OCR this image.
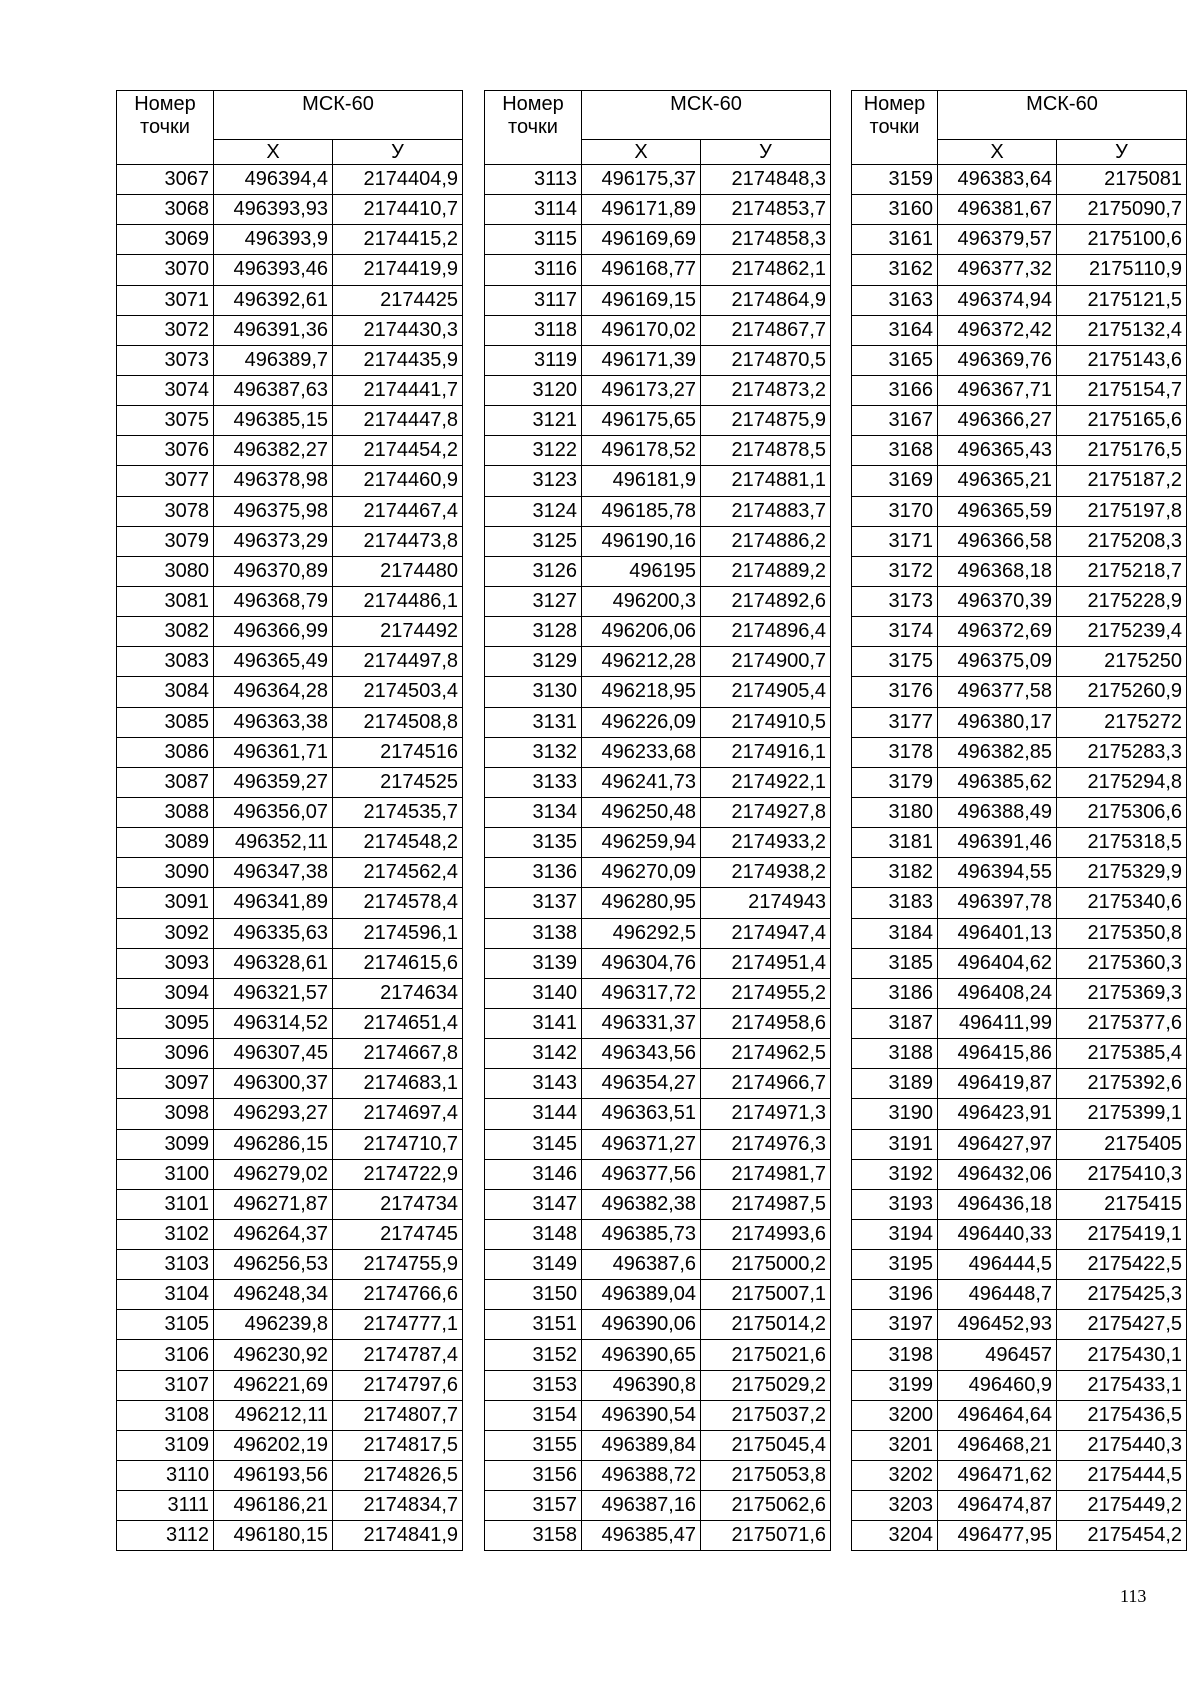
Номер точки	МСК-60	
	Х	У
3067	496394,4	2174404,9
3068	496393,93	2174410,7
3069	496393,9	2174415,2
3070	496393,46	2174419,9
3071	496392,61	2174425
3072	496391,36	2174430,3
3073	496389,7	2174435,9
3074	496387,63	2174441,7
3075	496385,15	2174447,8
3076	496382,27	2174454,2
3077	496378,98	2174460,9
3078	496375,98	2174467,4
3079	496373,29	2174473,8
3080	496370,89	2174480
3081	496368,79	2174486,1
3082	496366,99	2174492
3083	496365,49	2174497,8
3084	496364,28	2174503,4
3085	496363,38	2174508,8
3086	496361,71	2174516
3087	496359,27	2174525
3088	496356,07	2174535,7
3089	496352,11	2174548,2
3090	496347,38	2174562,4
3091	496341,89	2174578,4
3092	496335,63	2174596,1
3093	496328,61	2174615,6
3094	496321,57	2174634
3095	496314,52	2174651,4
3096	496307,45	2174667,8
3097	496300,37	2174683,1
3098	496293,27	2174697,4
3099	496286,15	2174710,7
3100	496279,02	2174722,9
3101	496271,87	2174734
3102	496264,37	2174745
3103	496256,53	2174755,9
3104	496248,34	2174766,6
3105	496239,8	2174777,1
3106	496230,92	2174787,4
3107	496221,69	2174797,6
3108	496212,11	2174807,7
3109	496202,19	2174817,5
3110	496193,56	2174826,5
3111	496186,21	2174834,7
3112	496180,15	2174841,9
Номер точки	МСК-60	
	Х	У
3113	496175,37	2174848,3
3114	496171,89	2174853,7
3115	496169,69	2174858,3
3116	496168,77	2174862,1
3117	496169,15	2174864,9
3118	496170,02	2174867,7
3119	496171,39	2174870,5
3120	496173,27	2174873,2
3121	496175,65	2174875,9
3122	496178,52	2174878,5
3123	496181,9	2174881,1
3124	496185,78	2174883,7
3125	496190,16	2174886,2
3126	496195	2174889,2
3127	496200,3	2174892,6
3128	496206,06	2174896,4
3129	496212,28	2174900,7
3130	496218,95	2174905,4
3131	496226,09	2174910,5
3132	496233,68	2174916,1
3133	496241,73	2174922,1
3134	496250,48	2174927,8
3135	496259,94	2174933,2
3136	496270,09	2174938,2
3137	496280,95	2174943
3138	496292,5	2174947,4
3139	496304,76	2174951,4
3140	496317,72	2174955,2
3141	496331,37	2174958,6
3142	496343,56	2174962,5
3143	496354,27	2174966,7
3144	496363,51	2174971,3
3145	496371,27	2174976,3
3146	496377,56	2174981,7
3147	496382,38	2174987,5
3148	496385,73	2174993,6
3149	496387,6	2175000,2
3150	496389,04	2175007,1
3151	496390,06	2175014,2
3152	496390,65	2175021,6
3153	496390,8	2175029,2
3154	496390,54	2175037,2
3155	496389,84	2175045,4
3156	496388,72	2175053,8
3157	496387,16	2175062,6
3158	496385,47	2175071,6
Номер точки	МСК-60	
	Х	У
3159	496383,64	2175081
3160	496381,67	2175090,7
3161	496379,57	2175100,6
3162	496377,32	2175110,9
3163	496374,94	2175121,5
3164	496372,42	2175132,4
3165	496369,76	2175143,6
3166	496367,71	2175154,7
3167	496366,27	2175165,6
3168	496365,43	2175176,5
3169	496365,21	2175187,2
3170	496365,59	2175197,8
3171	496366,58	2175208,3
3172	496368,18	2175218,7
3173	496370,39	2175228,9
3174	496372,69	2175239,4
3175	496375,09	2175250
3176	496377,58	2175260,9
3177	496380,17	2175272
3178	496382,85	2175283,3
3179	496385,62	2175294,8
3180	496388,49	2175306,6
3181	496391,46	2175318,5
3182	496394,55	2175329,9
3183	496397,78	2175340,6
3184	496401,13	2175350,8
3185	496404,62	2175360,3
3186	496408,24	2175369,3
3187	496411,99	2175377,6
3188	496415,86	2175385,4
3189	496419,87	2175392,6
3190	496423,91	2175399,1
3191	496427,97	2175405
3192	496432,06	2175410,3
3193	496436,18	2175415
3194	496440,33	2175419,1
3195	496444,5	2175422,5
3196	496448,7	2175425,3
3197	496452,93	2175427,5
3198	496457	2175430,1
3199	496460,9	2175433,1
3200	496464,64	2175436,5
3201	496468,21	2175440,3
3202	496471,62	2175444,5
3203	496474,87	2175449,2
3204	496477,95	2175454,2
113
